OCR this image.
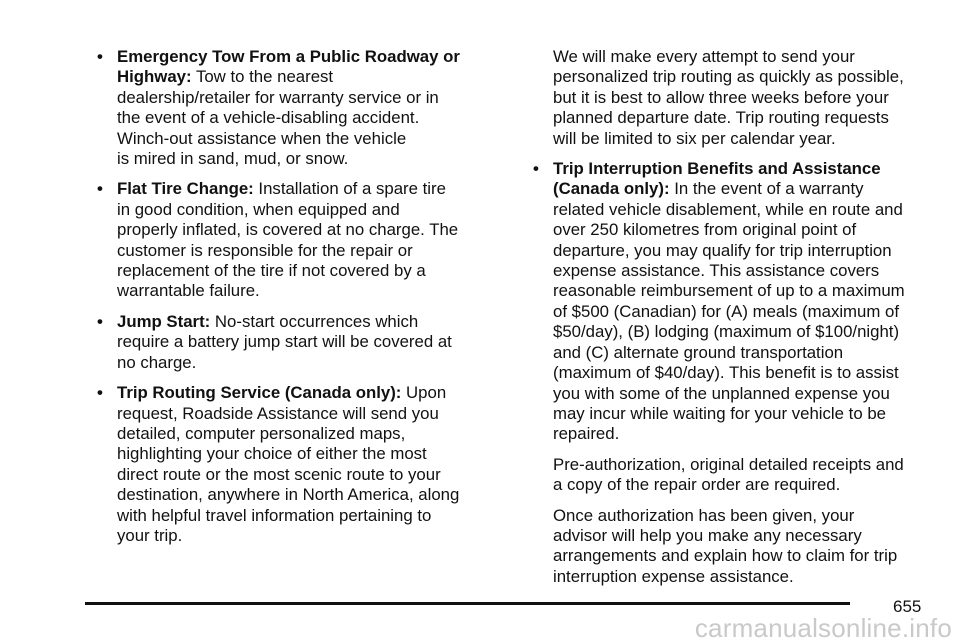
• Emergency Tow From a Public Roadway or
Highway: Tow to the nearest
dealership/retailer for warranty service or in
the event of a vehicle-disabling accident.
Winch-out assistance when the vehicle
is mired in sand, mud, or snow.
• Flat Tire Change: Installation of a spare tire
in good condition, when equipped and
properly inflated, is covered at no charge. The
customer is responsible for the repair or
replacement of the tire if not covered by a
warrantable failure.
• Jump Start: No-start occurrences which
require a battery jump start will be covered at
no charge.
• Trip Routing Service (Canada only): Upon
request, Roadside Assistance will send you
detailed, computer personalized maps,
highlighting your choice of either the most
direct route or the most scenic route to your
destination, anywhere in North America, along
with helpful travel information pertaining to
your trip.
We will make every attempt to send your
personalized trip routing as quickly as possible,
but it is best to allow three weeks before your
planned departure date. Trip routing requests
will be limited to six per calendar year.
• Trip Interruption Benefits and Assistance
(Canada only): In the event of a warranty
related vehicle disablement, while en route and
over 250 kilometres from original point of
departure, you may qualify for trip interruption
expense assistance. This assistance covers
reasonable reimbursement of up to a maximum
of $500 (Canadian) for (A) meals (maximum of
$50/day), (B) lodging (maximum of $100/night)
and (C) alternate ground transportation
(maximum of $40/day). This benefit is to assist
you with some of the unplanned expense you
may incur while waiting for your vehicle to be
repaired.
Pre-authorization, original detailed receipts and
a copy of the repair order are required.
Once authorization has been given, your
advisor will help you make any necessary
arrangements and explain how to claim for trip
interruption expense assistance.
655
carmanualsonline.info
